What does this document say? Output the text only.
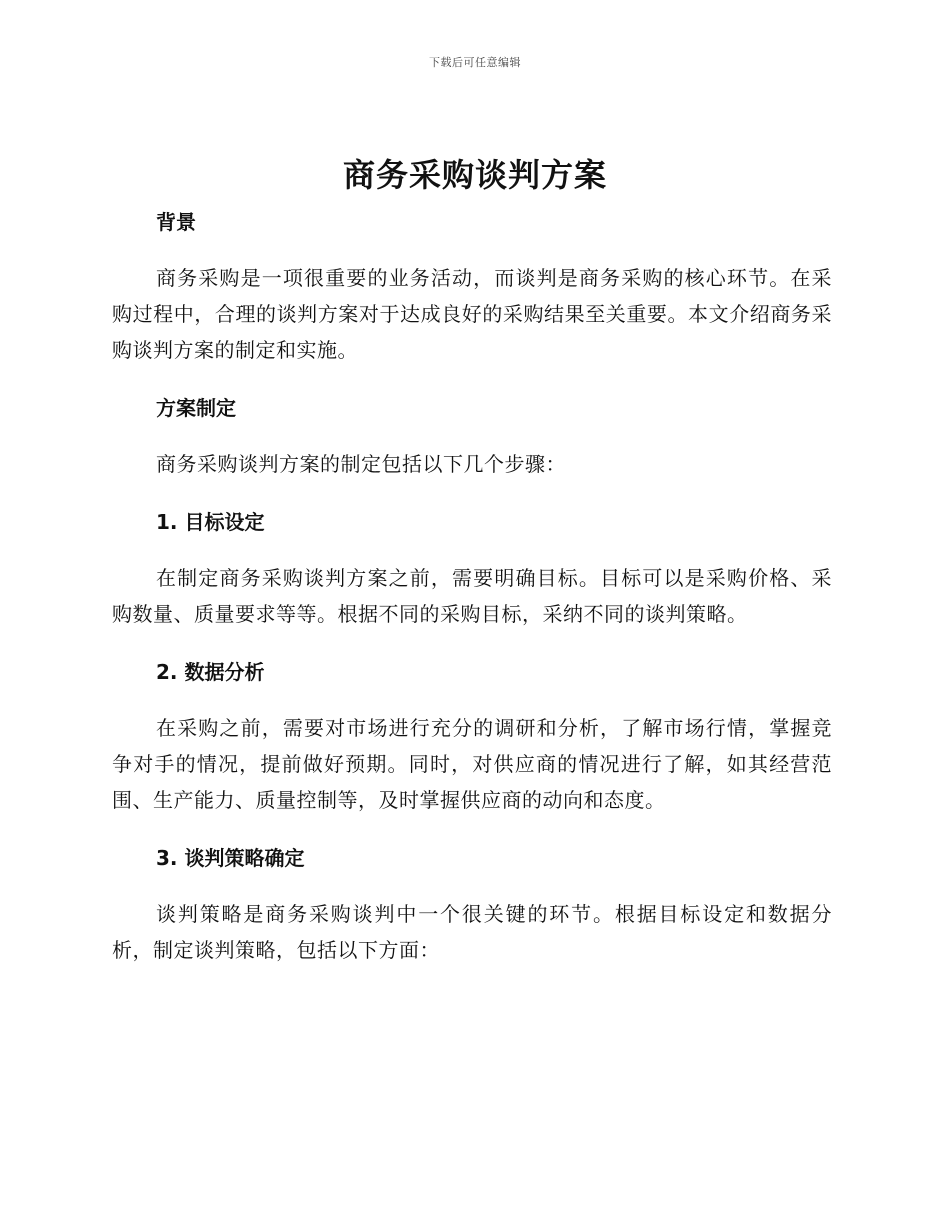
下载后可任意编辑
商务采购谈判方案
背景

商务采购是一项很重要的业务活动，而谈判是商务采购的核心环节。在采购过程中，合理的谈判方案对于达成良好的采购结果至关重要。本文介绍商务采购谈判方案的制定和实施。

方案制定

商务采购谈判方案的制定包括以下几个步骤：

1. 目标设定

在制定商务采购谈判方案之前，需要明确目标。目标可以是采购价格、采购数量、质量要求等等。根据不同的采购目标，采纳不同的谈判策略。

2. 数据分析

在采购之前，需要对市场进行充分的调研和分析，了解市场行情，掌握竞争对手的情况，提前做好预期。同时，对供应商的情况进行了解，如其经营范围、生产能力、质量控制等，及时掌握供应商的动向和态度。

3. 谈判策略确定

谈判策略是商务采购谈判中一个很关键的环节。根据目标设定和数据分析，制定谈判策略，包括以下方面：
